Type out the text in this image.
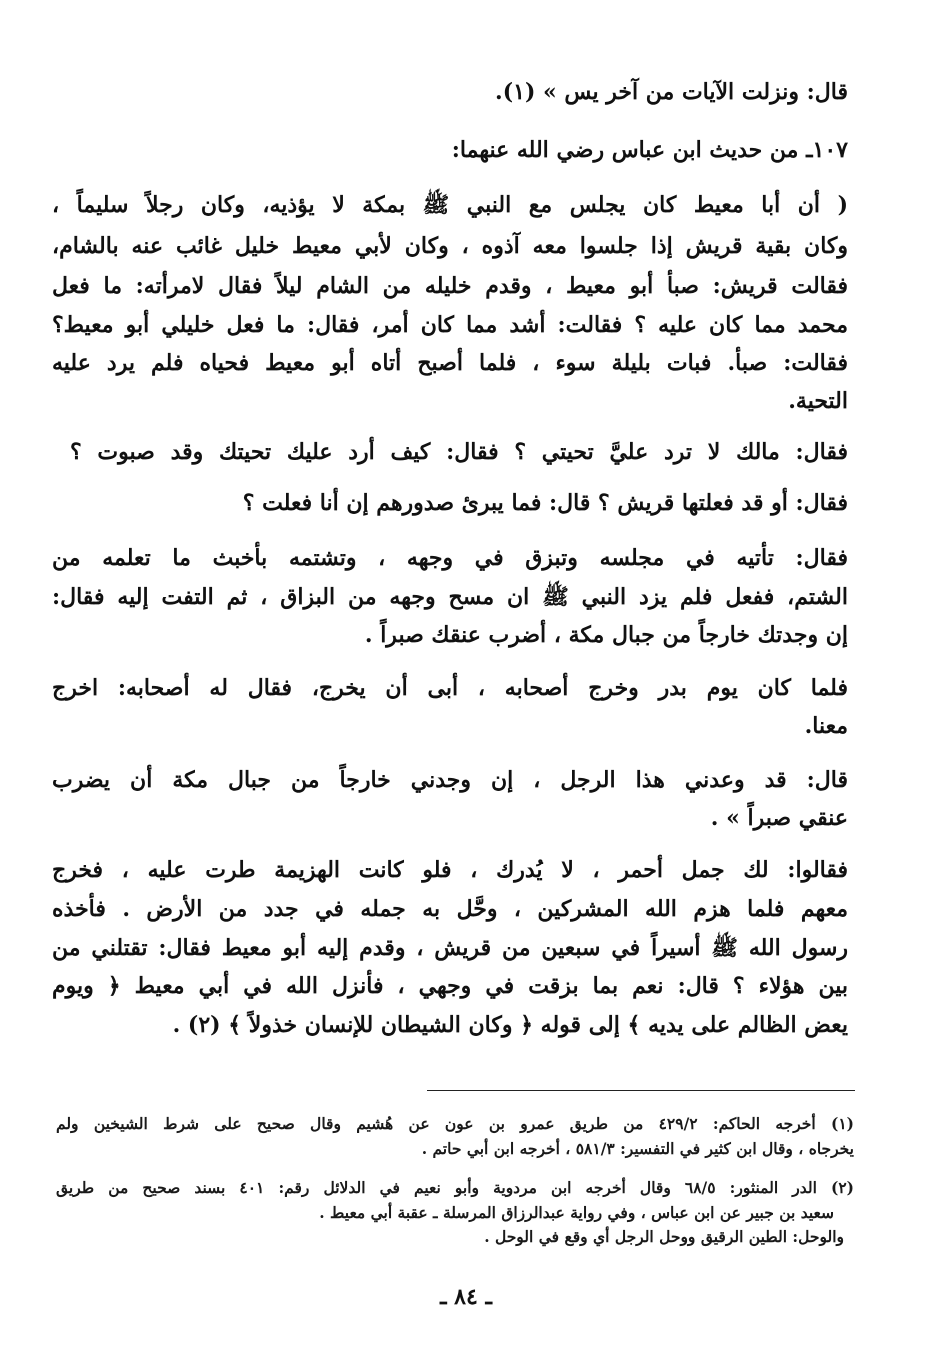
قال: ونزلت الآيات من آخر يس » (١).
١٠٧ـ من حديث ابن عباس رضي الله عنهما:
( أن أبا معيط كان يجلس مع النبي ﷺ بمكة لا يؤذيه، وكان رجلاً سليماً ،
وكان بقية قريش إذا جلسوا معه آذوه ، وكان لأبي معيط خليل غائب عنه بالشام،
فقالت قريش: صبأ أبو معيط ، وقدم خليله من الشام ليلاً فقال لامرأته: ما فعل
محمد مما كان عليه ؟ فقالت: أشد مما كان أمر، فقال: ما فعل خليلي أبو معيط؟
فقالت: صبأ. فبات بليلة سوء ، فلما أصبح أتاه أبو معيط فحياه فلم يرد عليه
التحية.
فقال: مالك لا ترد عليَّ تحيتي ؟ فقال: كيف أرد عليك تحيتك وقد صبوت ؟
فقال: أو قد فعلتها قريش ؟ قال: فما يبرئ صدورهم إن أنا فعلت ؟
فقال: تأتيه في مجلسه وتبزق في وجهه ، وتشتمه بأخبث ما تعلمه من
الشتم، ففعل فلم يزد النبي ﷺ ان مسح وجهه من البزاق ، ثم التفت إليه فقال:
إن وجدتك خارجاً من جبال مكة ، أضرب عنقك صبراً .
فلما كان يوم بدر وخرج أصحابه ، أبى أن يخرج، فقال له أصحابه: اخرج
معنا.
قال: قد وعدني هذا الرجل ، إن وجدني خارجاً من جبال مكة أن يضرب
عنقي صبراً » .
فقالوا: لك جمل أحمر ، لا يُدرك ، فلو كانت الهزيمة طرت عليه ، فخرج
معهم فلما هزم الله المشركين ، وحَّل به جمله في جدد من الأرض . فأخذه
رسول الله ﷺ أسيراً في سبعين من قريش ، وقدم إليه أبو معيط فقال: تقتلني من
بين هؤلاء ؟ قال: نعم بما بزقت في وجهي ، فأنزل الله في أبي معيط ﴿ ويوم
يعض الظالم على يديه ﴾ إلى قوله ﴿ وكان الشيطان للإنسان خذولاً ﴾ (٢) .
(١) أخرجه الحاكم: ٤٢٩/٢ من طريق عمرو بن عون عن هُشيم وقال صحيح على شرط الشيخين ولم
يخرجاه ، وقال ابن كثير في التفسير: ٥٨١/٣ ، أخرجه ابن أبي حاتم .
(٢) الدر المنثور: ٦٨/٥ وقال أخرجه ابن مردوية وأبو نعيم في الدلائل رقم: ٤٠١ بسند صحيح من طريق
سعيد بن جبير عن ابن عباس ، وفي رواية عبدالرزاق المرسلة ـ عقبة أبي معيط .
والوحل: الطين الرقيق ووحل الرجل أي وقع في الوحل .
ـ ٨٤ ـ
